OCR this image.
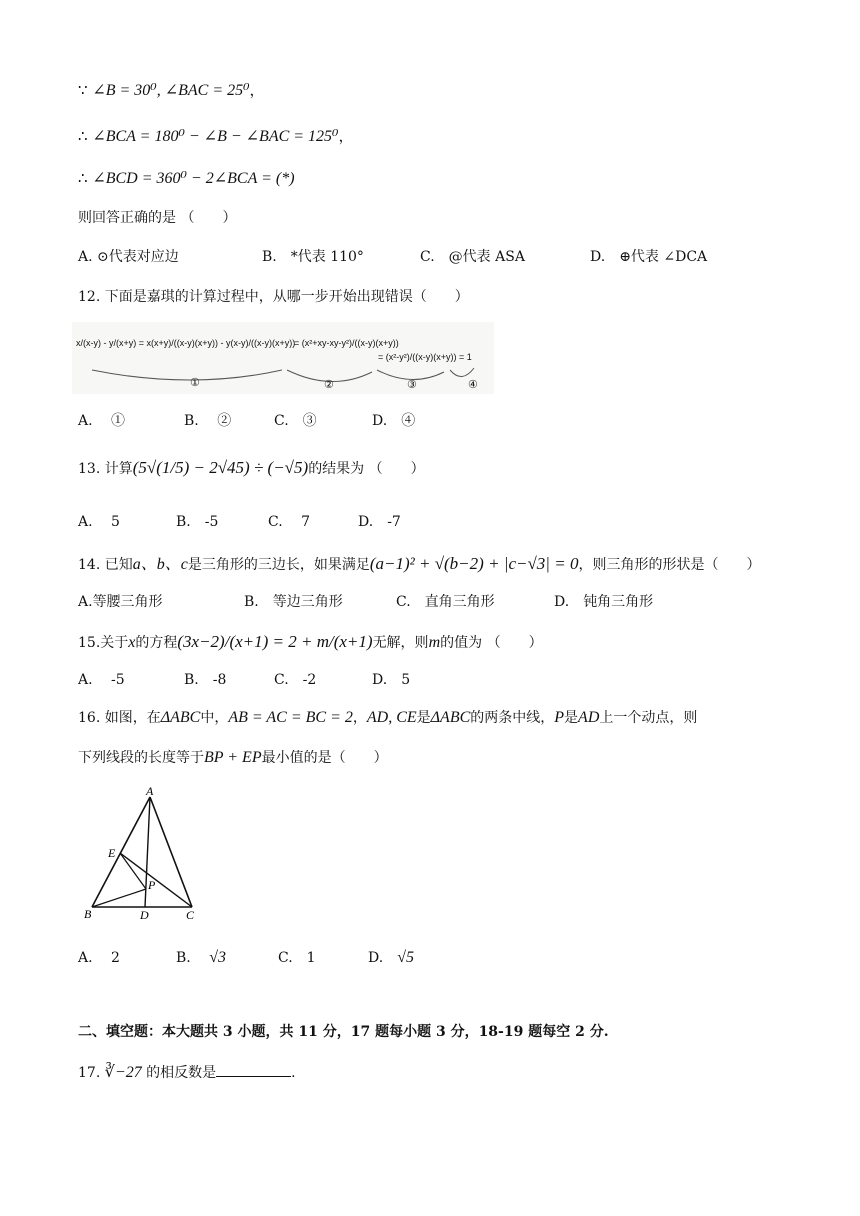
∵ ∠B = 30⁰, ∠BAC = 25⁰，
∴ ∠BCA = 180⁰ − ∠B − ∠BAC = 125⁰，
∴ ∠BCD = 360⁰ − 2∠BCA = (*)
则回答正确的是 （　　）
A. ⊙代表对应边	B.　 *代表 110°	C.　 @代表 ASA	D.　 ⊕代表 ∠DCA
12. 下面是嘉琪的计算过程中，从哪一步开始出现错误（　　）
x/(x-y) - y/(x+y) = x(x+y)/((x-y)(x+y)) - y(x-y)/((x-y)(x+y))
= (x²+xy-xy-y²)/((x-y)(x+y))
= (x²-y²)/((x-y)(x+y)) = 1
①	②	③	④
A.　 ①	B.　 ②	C.　 ③	D.　 ④
13. 计算(5√(1/5) − 2√45) ÷ (−√5)的结果为 （　　）
A.　 5	B.　 -5	C.　 7	D.　 -7
14. 已知a、b、c是三角形的三边长，如果满足(a−1)² + √(b−2) + |c−√3| = 0，则三角形的形状是（　　）
A.等腰三角形	B.　 等边三角形	C.　 直角三角形	D.　 钝角三角形
15.关于x的方程(3x−2)/(x+1) = 2 + m/(x+1)无解，则m的值为 （　　）
A.　 -5	B.　 -8	C.　 -2	D.　 5
16. 如图，在ΔABC中，AB = AC = BC = 2，AD, CE是ΔABC的两条中线，P是AD上一个动点，则
下列线段的长度等于BP + EP最小值的是（　　）
A
B	C
D
E
P
A.　 2	B.　 √3	C.　 1	D.　 √5
二、填空题：本大题共 3 小题，共 11 分，17 题每小题 3 分，18-19 题每空 2 分.
17. ∛−27 的相反数是	.
